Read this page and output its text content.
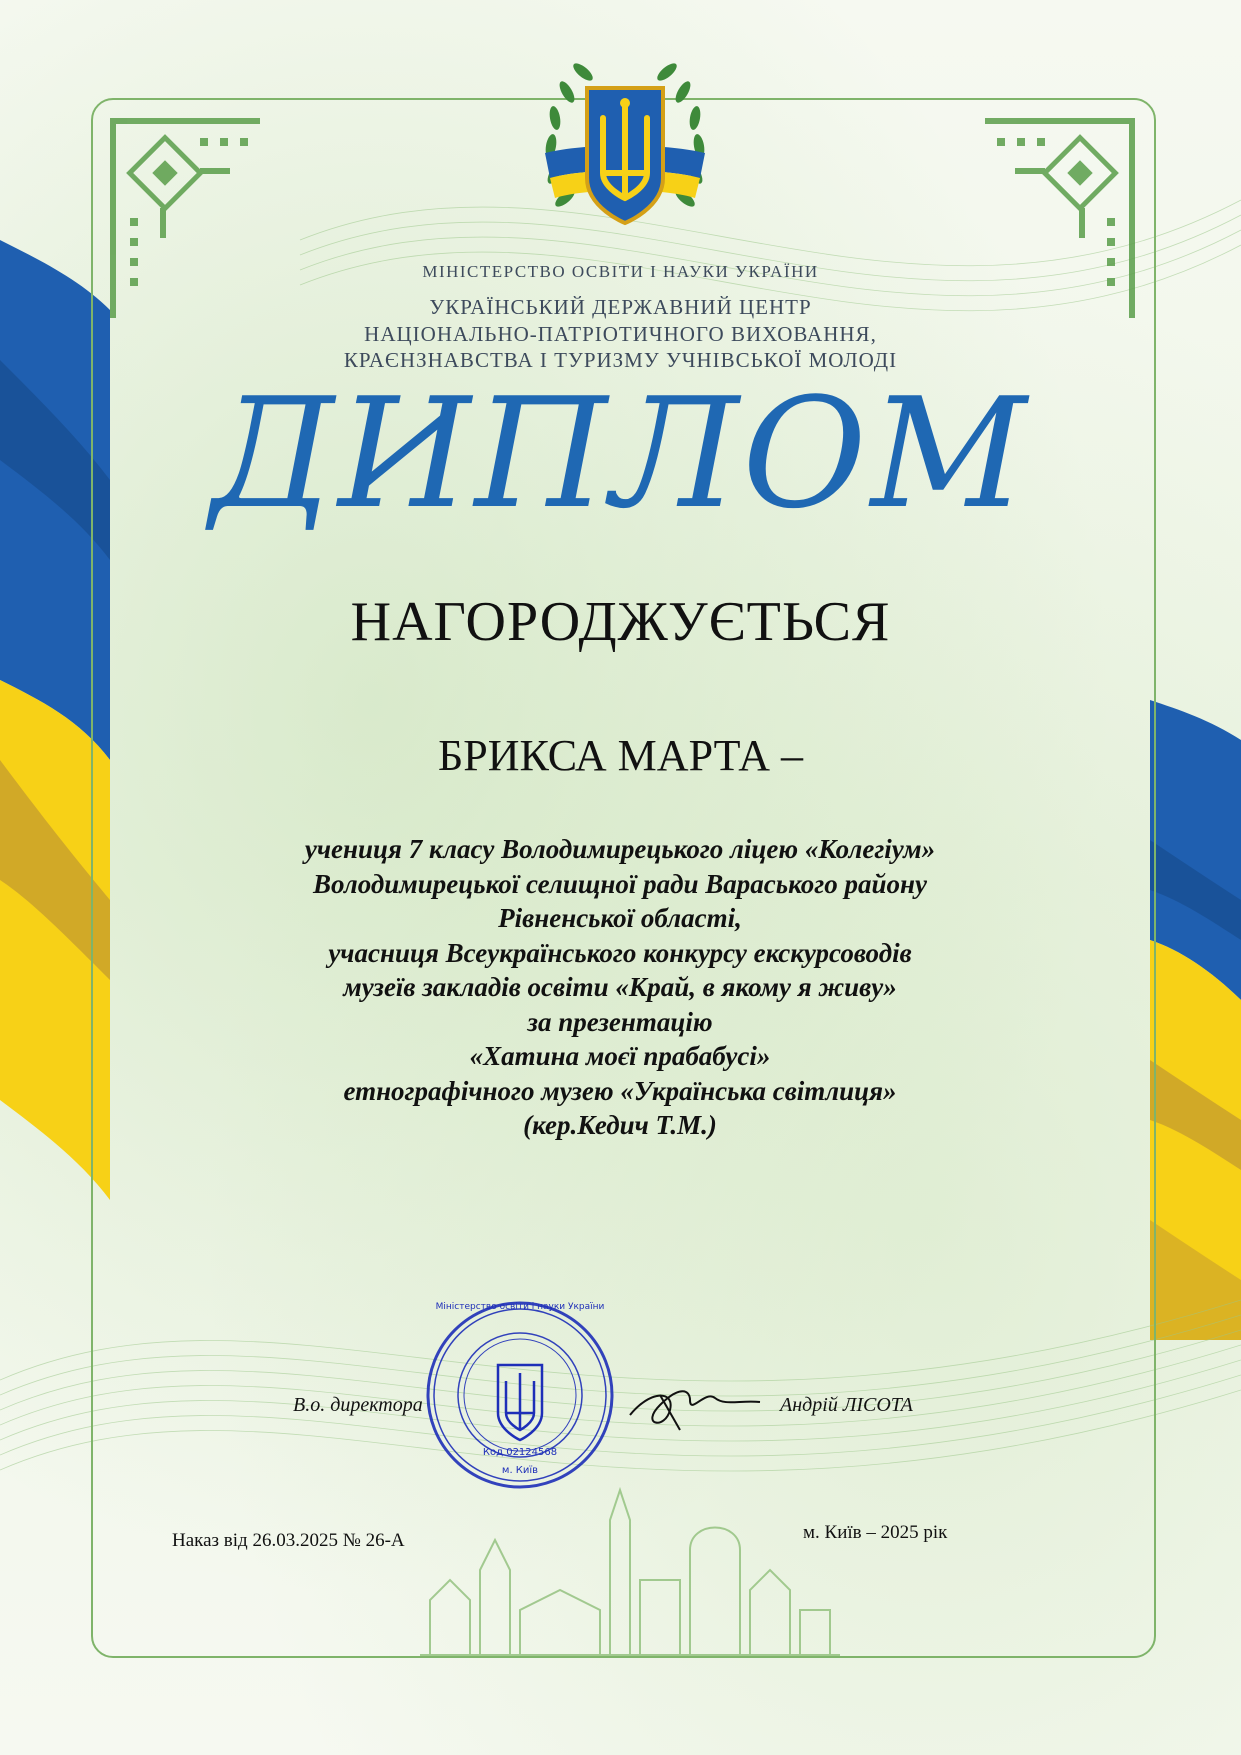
МІНІСТЕРСТВО ОСВІТИ І НАУКИ УКРАЇНИ
УКРАЇНСЬКИЙ ДЕРЖАВНИЙ ЦЕНТР
НАЦІОНАЛЬНО-ПАТРІОТИЧНОГО ВИХОВАННЯ,
КРАЄНЗНАВСТВА І ТУРИЗМУ УЧНІВСЬКОЇ МОЛОДІ
ДИПЛОМ
НАГОРОДЖУЄТЬСЯ
БРИКСА МАРТА –
учениця 7 класу Володимирецького ліцею «Колегіум»
Володимирецької селищної ради Вараського району
Рівненської області,
учасниця Всеукраїнського конкурсу екскурсоводів
музеїв закладів освіти «Край, в якому я живу»
за презентацію
«Хатина моєї прабабусі»
етнографічного музею «Українська світлиця»
(кер.Кедич Т.М.)
Міністерство освіти і науки України
Код 02124568
м. Київ
В.о. директора	Андрій ЛІСОТА
Наказ від 26.03.2025 № 26-А	м. Київ – 2025 рік
